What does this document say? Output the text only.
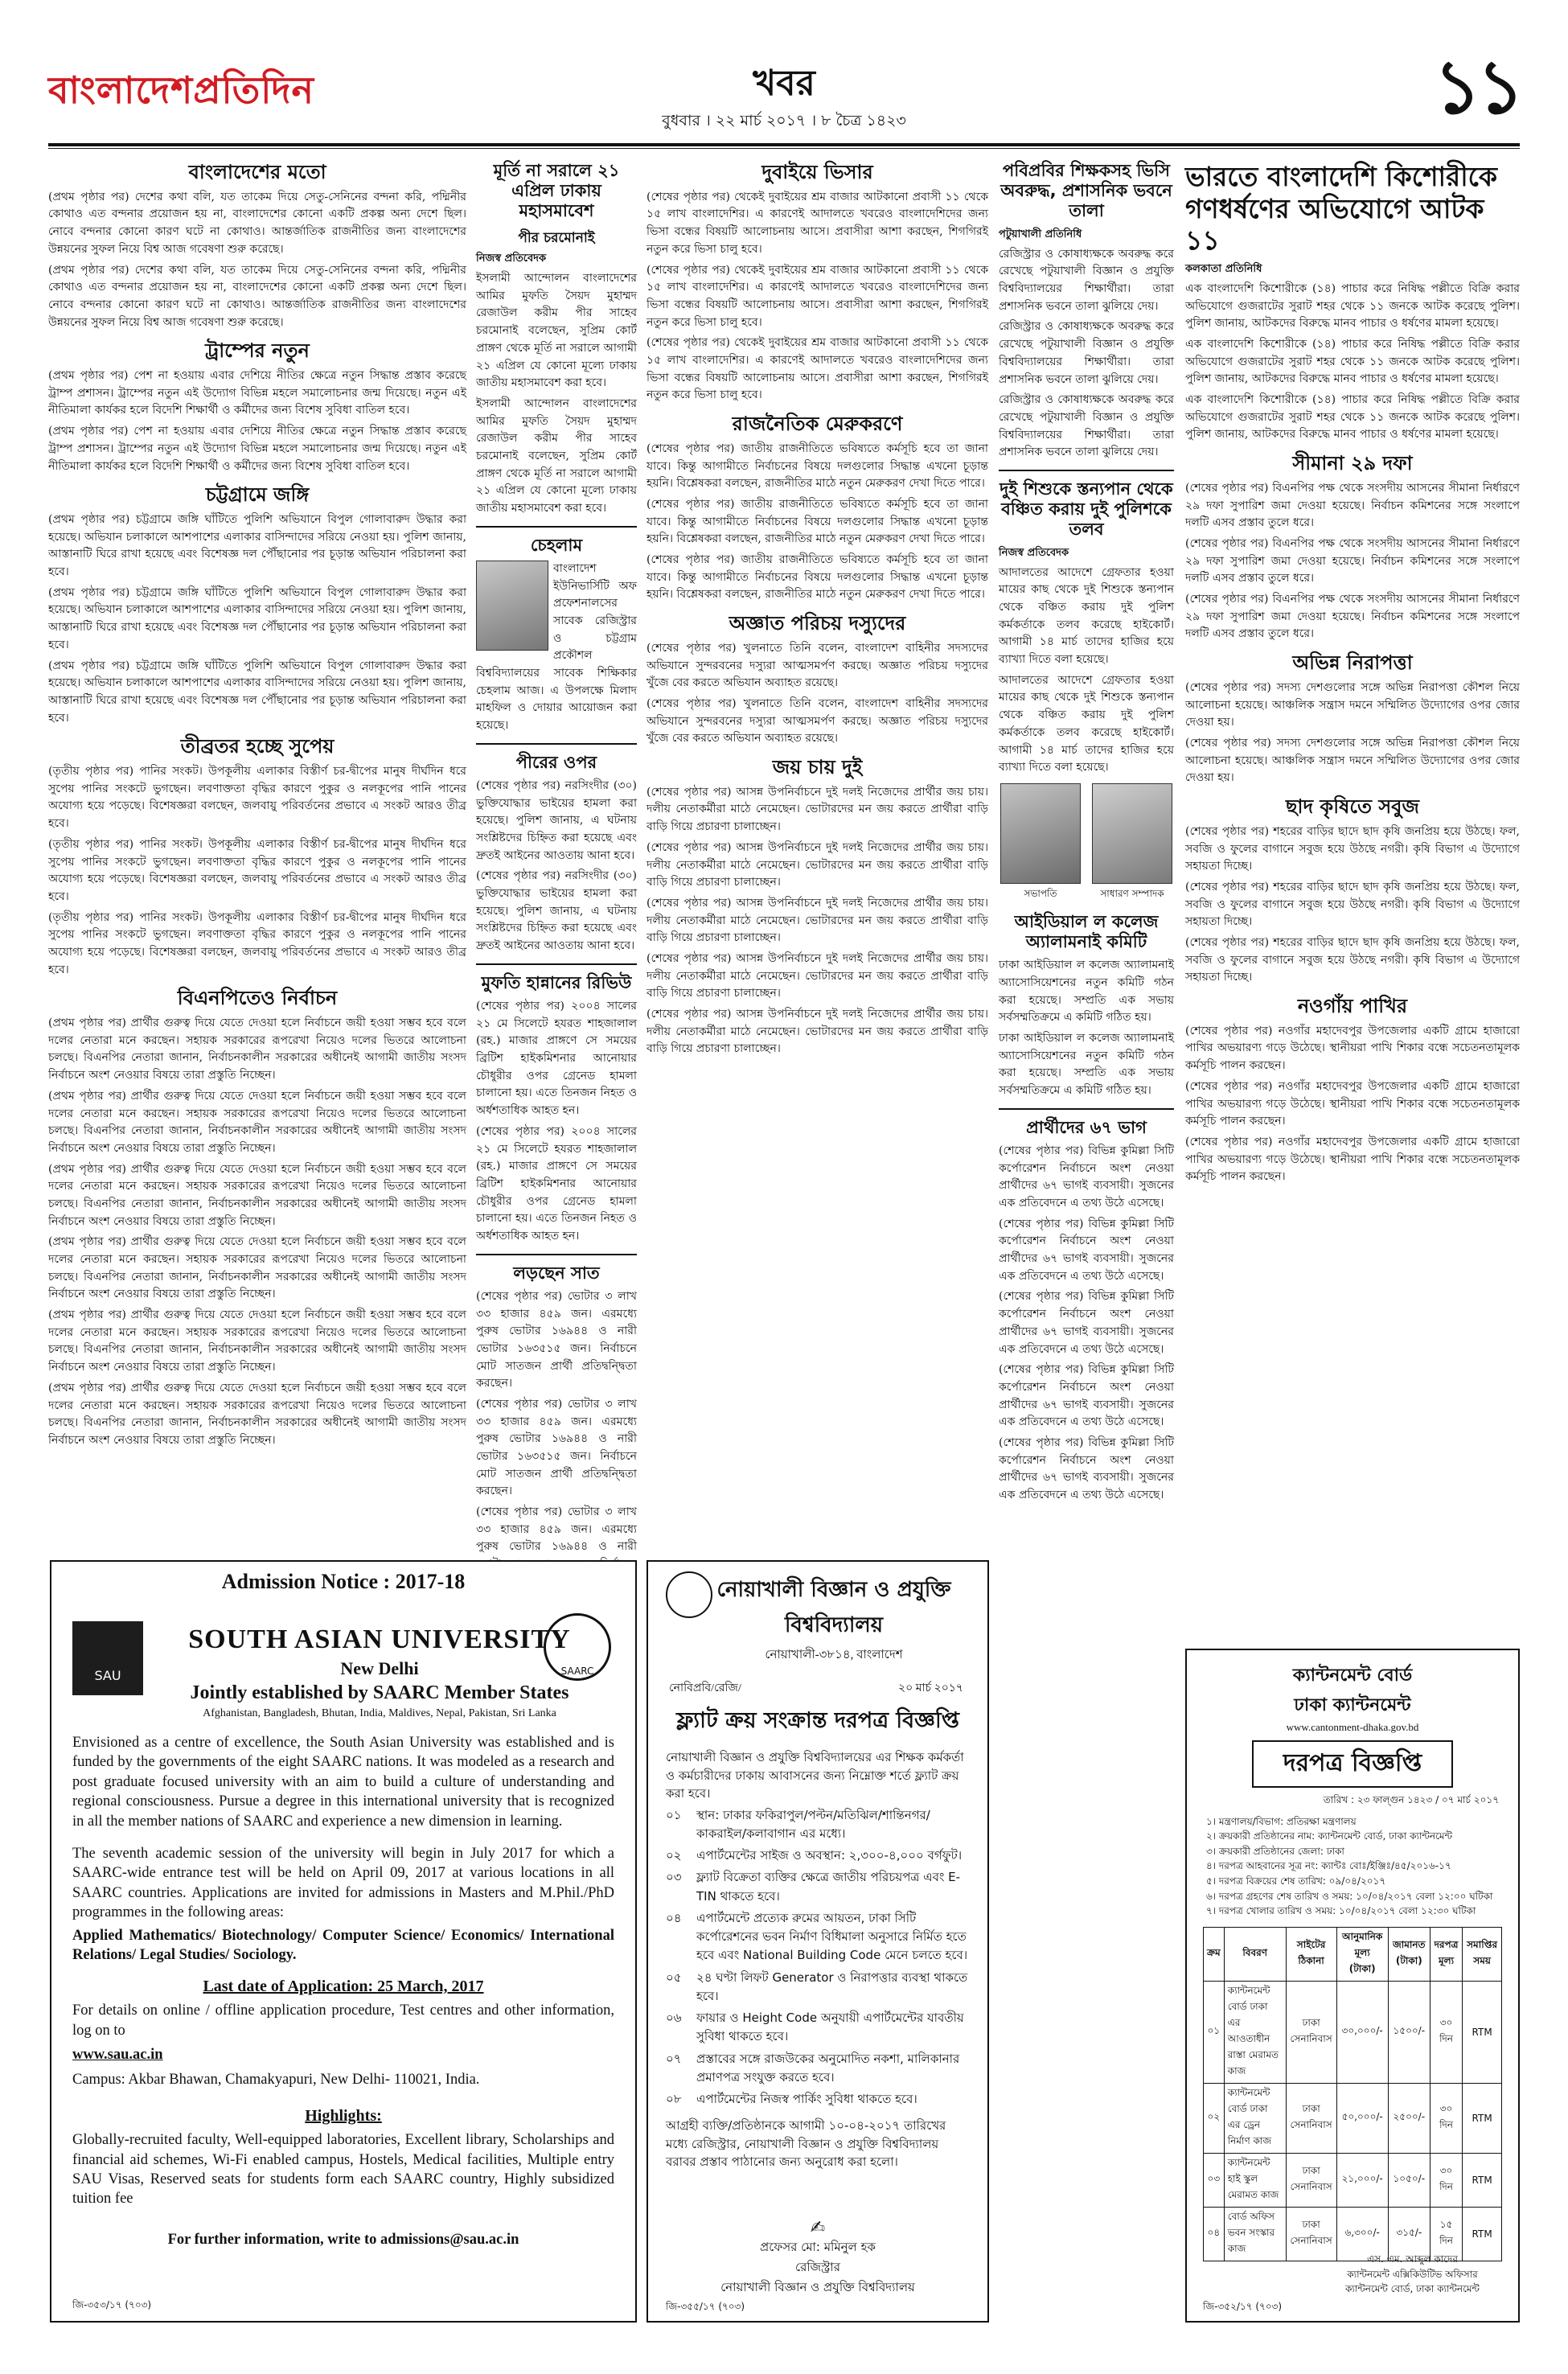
বাংলাদেশপ্রতিদিন	খবর
বুধবার । ২২ মার্চ ২০১৭ । ৮ চৈত্র ১৪২৩	১১
বাংলাদেশের মতো

(প্রথম পৃষ্ঠার পর) দেশের কথা বলি, যত তাকেম দিয়ে সেতু-সেনিনের বন্দনা করি, পদ্মিনীর কোথাও এত বন্দনার প্রয়োজন হয় না, বাংলাদেশের কোনো একটি প্রকল্প অন্য দেশে ছিল। নোবে বন্দনার কোনো কারণ ঘটে না কোথাও। আন্তর্জাতিক রাজনীতির জন্য বাংলাদেশের উন্নয়নের সুফল নিয়ে বিশ্ব আজ গবেষণা শুরু করেছে।

(প্রথম পৃষ্ঠার পর) দেশের কথা বলি, যত তাকেম দিয়ে সেতু-সেনিনের বন্দনা করি, পদ্মিনীর কোথাও এত বন্দনার প্রয়োজন হয় না, বাংলাদেশের কোনো একটি প্রকল্প অন্য দেশে ছিল। নোবে বন্দনার কোনো কারণ ঘটে না কোথাও। আন্তর্জাতিক রাজনীতির জন্য বাংলাদেশের উন্নয়নের সুফল নিয়ে বিশ্ব আজ গবেষণা শুরু করেছে।

ট্রাম্পের নতুন

(প্রথম পৃষ্ঠার পর) পেশ না হওয়ায় এবার দেশিয়ে নীতির ক্ষেত্রে নতুন সিদ্ধান্ত প্রস্তাব করেছে ট্রাম্প প্রশাসন। ট্রাম্পের নতুন এই উদ্যোগ বিভিন্ন মহলে সমালোচনার জন্ম দিয়েছে। নতুন এই নীতিমালা কার্যকর হলে বিদেশি শিক্ষার্থী ও কর্মীদের জন্য বিশেষ সুবিধা বাতিল হবে।

(প্রথম পৃষ্ঠার পর) পেশ না হওয়ায় এবার দেশিয়ে নীতির ক্ষেত্রে নতুন সিদ্ধান্ত প্রস্তাব করেছে ট্রাম্প প্রশাসন। ট্রাম্পের নতুন এই উদ্যোগ বিভিন্ন মহলে সমালোচনার জন্ম দিয়েছে। নতুন এই নীতিমালা কার্যকর হলে বিদেশি শিক্ষার্থী ও কর্মীদের জন্য বিশেষ সুবিধা বাতিল হবে।

চট্টগ্রামে জঙ্গি

(প্রথম পৃষ্ঠার পর) চট্টগ্রামে জঙ্গি ঘাঁটিতে পুলিশি অভিযানে বিপুল গোলাবারুদ উদ্ধার করা হয়েছে। অভিযান চলাকালে আশপাশের এলাকার বাসিন্দাদের সরিয়ে নেওয়া হয়। পুলিশ জানায়, আস্তানাটি ঘিরে রাখা হয়েছে এবং বিশেষজ্ঞ দল পৌঁছানোর পর চূড়ান্ত অভিযান পরিচালনা করা হবে।

(প্রথম পৃষ্ঠার পর) চট্টগ্রামে জঙ্গি ঘাঁটিতে পুলিশি অভিযানে বিপুল গোলাবারুদ উদ্ধার করা হয়েছে। অভিযান চলাকালে আশপাশের এলাকার বাসিন্দাদের সরিয়ে নেওয়া হয়। পুলিশ জানায়, আস্তানাটি ঘিরে রাখা হয়েছে এবং বিশেষজ্ঞ দল পৌঁছানোর পর চূড়ান্ত অভিযান পরিচালনা করা হবে।

(প্রথম পৃষ্ঠার পর) চট্টগ্রামে জঙ্গি ঘাঁটিতে পুলিশি অভিযানে বিপুল গোলাবারুদ উদ্ধার করা হয়েছে। অভিযান চলাকালে আশপাশের এলাকার বাসিন্দাদের সরিয়ে নেওয়া হয়। পুলিশ জানায়, আস্তানাটি ঘিরে রাখা হয়েছে এবং বিশেষজ্ঞ দল পৌঁছানোর পর চূড়ান্ত অভিযান পরিচালনা করা হবে।

তীব্রতর হচ্ছে সুপেয়

(তৃতীয় পৃষ্ঠার পর) পানির সংকট। উপকূলীয় এলাকার বিস্তীর্ণ চর-দ্বীপের মানুষ দীর্ঘদিন ধরে সুপেয় পানির সংকটে ভুগছেন। লবণাক্ততা বৃদ্ধির কারণে পুকুর ও নলকূপের পানি পানের অযোগ্য হয়ে পড়েছে। বিশেষজ্ঞরা বলছেন, জলবায়ু পরিবর্তনের প্রভাবে এ সংকট আরও তীব্র হবে।

(তৃতীয় পৃষ্ঠার পর) পানির সংকট। উপকূলীয় এলাকার বিস্তীর্ণ চর-দ্বীপের মানুষ দীর্ঘদিন ধরে সুপেয় পানির সংকটে ভুগছেন। লবণাক্ততা বৃদ্ধির কারণে পুকুর ও নলকূপের পানি পানের অযোগ্য হয়ে পড়েছে। বিশেষজ্ঞরা বলছেন, জলবায়ু পরিবর্তনের প্রভাবে এ সংকট আরও তীব্র হবে।

(তৃতীয় পৃষ্ঠার পর) পানির সংকট। উপকূলীয় এলাকার বিস্তীর্ণ চর-দ্বীপের মানুষ দীর্ঘদিন ধরে সুপেয় পানির সংকটে ভুগছেন। লবণাক্ততা বৃদ্ধির কারণে পুকুর ও নলকূপের পানি পানের অযোগ্য হয়ে পড়েছে। বিশেষজ্ঞরা বলছেন, জলবায়ু পরিবর্তনের প্রভাবে এ সংকট আরও তীব্র হবে।

বিএনপিতেও নির্বাচন

(প্রথম পৃষ্ঠার পর) প্রার্থীর গুরুত্ব দিয়ে যেতে দেওয়া হলে নির্বাচনে জয়ী হওয়া সম্ভব হবে বলে দলের নেতারা মনে করছেন। সহায়ক সরকারের রূপরেখা নিয়েও দলের ভিতরে আলোচনা চলছে। বিএনপির নেতারা জানান, নির্বাচনকালীন সরকারের অধীনেই আগামী জাতীয় সংসদ নির্বাচনে অংশ নেওয়ার বিষয়ে তারা প্রস্তুতি নিচ্ছেন।

(প্রথম পৃষ্ঠার পর) প্রার্থীর গুরুত্ব দিয়ে যেতে দেওয়া হলে নির্বাচনে জয়ী হওয়া সম্ভব হবে বলে দলের নেতারা মনে করছেন। সহায়ক সরকারের রূপরেখা নিয়েও দলের ভিতরে আলোচনা চলছে। বিএনপির নেতারা জানান, নির্বাচনকালীন সরকারের অধীনেই আগামী জাতীয় সংসদ নির্বাচনে অংশ নেওয়ার বিষয়ে তারা প্রস্তুতি নিচ্ছেন।

(প্রথম পৃষ্ঠার পর) প্রার্থীর গুরুত্ব দিয়ে যেতে দেওয়া হলে নির্বাচনে জয়ী হওয়া সম্ভব হবে বলে দলের নেতারা মনে করছেন। সহায়ক সরকারের রূপরেখা নিয়েও দলের ভিতরে আলোচনা চলছে। বিএনপির নেতারা জানান, নির্বাচনকালীন সরকারের অধীনেই আগামী জাতীয় সংসদ নির্বাচনে অংশ নেওয়ার বিষয়ে তারা প্রস্তুতি নিচ্ছেন।

(প্রথম পৃষ্ঠার পর) প্রার্থীর গুরুত্ব দিয়ে যেতে দেওয়া হলে নির্বাচনে জয়ী হওয়া সম্ভব হবে বলে দলের নেতারা মনে করছেন। সহায়ক সরকারের রূপরেখা নিয়েও দলের ভিতরে আলোচনা চলছে। বিএনপির নেতারা জানান, নির্বাচনকালীন সরকারের অধীনেই আগামী জাতীয় সংসদ নির্বাচনে অংশ নেওয়ার বিষয়ে তারা প্রস্তুতি নিচ্ছেন।

(প্রথম পৃষ্ঠার পর) প্রার্থীর গুরুত্ব দিয়ে যেতে দেওয়া হলে নির্বাচনে জয়ী হওয়া সম্ভব হবে বলে দলের নেতারা মনে করছেন। সহায়ক সরকারের রূপরেখা নিয়েও দলের ভিতরে আলোচনা চলছে। বিএনপির নেতারা জানান, নির্বাচনকালীন সরকারের অধীনেই আগামী জাতীয় সংসদ নির্বাচনে অংশ নেওয়ার বিষয়ে তারা প্রস্তুতি নিচ্ছেন।

(প্রথম পৃষ্ঠার পর) প্রার্থীর গুরুত্ব দিয়ে যেতে দেওয়া হলে নির্বাচনে জয়ী হওয়া সম্ভব হবে বলে দলের নেতারা মনে করছেন। সহায়ক সরকারের রূপরেখা নিয়েও দলের ভিতরে আলোচনা চলছে। বিএনপির নেতারা জানান, নির্বাচনকালীন সরকারের অধীনেই আগামী জাতীয় সংসদ নির্বাচনে অংশ নেওয়ার বিষয়ে তারা প্রস্তুতি নিচ্ছেন।

মূর্তি না সরালে ২১ এপ্রিল ঢাকায় মহাসমাবেশ
পীর চরমোনাই
নিজস্ব প্রতিবেদক

ইসলামী আন্দোলন বাংলাদেশের আমির মুফতি সৈয়দ মুহাম্মদ রেজাউল করীম পীর সাহেব চরমোনাই বলেছেন, সুপ্রিম কোর্ট প্রাঙ্গণ থেকে মূর্তি না সরালে আগামী ২১ এপ্রিল যে কোনো মূল্যে ঢাকায় জাতীয় মহাসমাবেশ করা হবে।

ইসলামী আন্দোলন বাংলাদেশের আমির মুফতি সৈয়দ মুহাম্মদ রেজাউল করীম পীর সাহেব চরমোনাই বলেছেন, সুপ্রিম কোর্ট প্রাঙ্গণ থেকে মূর্তি না সরালে আগামী ২১ এপ্রিল যে কোনো মূল্যে ঢাকায় জাতীয় মহাসমাবেশ করা হবে।

চেহলাম

বাংলাদেশ ইউনিভার্সিটি অফ প্রফেশনালসের সাবেক রেজিস্ট্রার ও চট্টগ্রাম প্রকৌশল বিশ্ববিদ্যালয়ের সাবেক শিক্ষিকার চেহলাম আজ। এ উপলক্ষে মিলাদ মাহফিল ও দোয়ার আয়োজন করা হয়েছে।

পীরের ওপর

(শেষের পৃষ্ঠার পর) নরসিংদীর (৩০) ভুক্তিযোদ্ধার ভাইয়ের হামলা করা হয়েছে। পুলিশ জানায়, এ ঘটনায় সংশ্লিষ্টদের চিহ্নিত করা হয়েছে এবং দ্রুতই আইনের আওতায় আনা হবে।

(শেষের পৃষ্ঠার পর) নরসিংদীর (৩০) ভুক্তিযোদ্ধার ভাইয়ের হামলা করা হয়েছে। পুলিশ জানায়, এ ঘটনায় সংশ্লিষ্টদের চিহ্নিত করা হয়েছে এবং দ্রুতই আইনের আওতায় আনা হবে।

মুফতি হান্নানের রিভিউ

(শেষের পৃষ্ঠার পর) ২০০৪ সালের ২১ মে সিলেটে হযরত শাহজালাল (রহ.) মাজার প্রাঙ্গণে সে সময়ের ব্রিটিশ হাইকমিশনার আনোয়ার চৌধুরীর ওপর গ্রেনেড হামলা চালানো হয়। এতে তিনজন নিহত ও অর্ধশতাধিক আহত হন।

(শেষের পৃষ্ঠার পর) ২০০৪ সালের ২১ মে সিলেটে হযরত শাহজালাল (রহ.) মাজার প্রাঙ্গণে সে সময়ের ব্রিটিশ হাইকমিশনার আনোয়ার চৌধুরীর ওপর গ্রেনেড হামলা চালানো হয়। এতে তিনজন নিহত ও অর্ধশতাধিক আহত হন।

লড়ছেন সাত

(শেষের পৃষ্ঠার পর) ভোটার ৩ লাখ ৩৩ হাজার ৪৫৯ জন। এরমধ্যে পুরুষ ভোটার ১৬৯৪৪ ও নারী ভোটার ১৬৩৫১৫ জন। নির্বাচনে মোট সাতজন প্রার্থী প্রতিদ্বন্দ্বিতা করছেন।

(শেষের পৃষ্ঠার পর) ভোটার ৩ লাখ ৩৩ হাজার ৪৫৯ জন। এরমধ্যে পুরুষ ভোটার ১৬৯৪৪ ও নারী ভোটার ১৬৩৫১৫ জন। নির্বাচনে মোট সাতজন প্রার্থী প্রতিদ্বন্দ্বিতা করছেন।

(শেষের পৃষ্ঠার পর) ভোটার ৩ লাখ ৩৩ হাজার ৪৫৯ জন। এরমধ্যে পুরুষ ভোটার ১৬৯৪৪ ও নারী

দুবাইয়ে ভিসার

(শেষের পৃষ্ঠার পর) থেকেই দুবাইয়ের শ্রম বাজার আটকানো প্রবাসী ১১ থেকে ১৫ লাখ বাংলাদেশির। এ কারণেই আদালতে খবরেও বাংলাদেশিদের জন্য ভিসা বন্ধের বিষয়টি আলোচনায় আসে। প্রবাসীরা আশা করছেন, শিগগিরই নতুন করে ভিসা চালু হবে।

(শেষের পৃষ্ঠার পর) থেকেই দুবাইয়ের শ্রম বাজার আটকানো প্রবাসী ১১ থেকে ১৫ লাখ বাংলাদেশির। এ কারণেই আদালতে খবরেও বাংলাদেশিদের জন্য ভিসা বন্ধের বিষয়টি আলোচনায় আসে। প্রবাসীরা আশা করছেন, শিগগিরই নতুন করে ভিসা চালু হবে।

(শেষের পৃষ্ঠার পর) থেকেই দুবাইয়ের শ্রম বাজার আটকানো প্রবাসী ১১ থেকে ১৫ লাখ বাংলাদেশির। এ কারণেই আদালতে খবরেও বাংলাদেশিদের জন্য ভিসা বন্ধের বিষয়টি আলোচনায় আসে। প্রবাসীরা আশা করছেন, শিগগিরই নতুন করে ভিসা চালু হবে।

রাজনৈতিক মেরুকরণে

(শেষের পৃষ্ঠার পর) জাতীয় রাজনীতিতে ভবিষ্যতে কর্মসূচি হবে তা জানা যাবে। কিন্তু আগামীতে নির্বাচনের বিষয়ে দলগুলোর সিদ্ধান্ত এখনো চূড়ান্ত হয়নি। বিশ্লেষকরা বলছেন, রাজনীতির মাঠে নতুন মেরুকরণ দেখা দিতে পারে।

(শেষের পৃষ্ঠার পর) জাতীয় রাজনীতিতে ভবিষ্যতে কর্মসূচি হবে তা জানা যাবে। কিন্তু আগামীতে নির্বাচনের বিষয়ে দলগুলোর সিদ্ধান্ত এখনো চূড়ান্ত হয়নি। বিশ্লেষকরা বলছেন, রাজনীতির মাঠে নতুন মেরুকরণ দেখা দিতে পারে।

(শেষের পৃষ্ঠার পর) জাতীয় রাজনীতিতে ভবিষ্যতে কর্মসূচি হবে তা জানা যাবে। কিন্তু আগামীতে নির্বাচনের বিষয়ে দলগুলোর সিদ্ধান্ত এখনো চূড়ান্ত হয়নি। বিশ্লেষকরা বলছেন, রাজনীতির মাঠে নতুন মেরুকরণ দেখা দিতে পারে।

অজ্ঞাত পরিচয় দস্যুদের

(শেষের পৃষ্ঠার পর) খুলনাতে তিনি বলেন, বাংলাদেশ বাহিনীর সদস্যদের অভিযানে সুন্দরবনের দস্যুরা আত্মসমর্পণ করছে। অজ্ঞাত পরিচয় দস্যুদের খুঁজে বের করতে অভিযান অব্যাহত রয়েছে।

(শেষের পৃষ্ঠার পর) খুলনাতে তিনি বলেন, বাংলাদেশ বাহিনীর সদস্যদের অভিযানে সুন্দরবনের দস্যুরা আত্মসমর্পণ করছে। অজ্ঞাত পরিচয় দস্যুদের খুঁজে বের করতে অভিযান অব্যাহত রয়েছে।

জয় চায় দুই

(শেষের পৃষ্ঠার পর) আসন্ন উপনির্বাচনে দুই দলই নিজেদের প্রার্থীর জয় চায়। দলীয় নেতাকর্মীরা মাঠে নেমেছেন। ভোটারদের মন জয় করতে প্রার্থীরা বাড়ি বাড়ি গিয়ে প্রচারণা চালাচ্ছেন।

(শেষের পৃষ্ঠার পর) আসন্ন উপনির্বাচনে দুই দলই নিজেদের প্রার্থীর জয় চায়। দলীয় নেতাকর্মীরা মাঠে নেমেছেন। ভোটারদের মন জয় করতে প্রার্থীরা বাড়ি বাড়ি গিয়ে প্রচারণা চালাচ্ছেন।

(শেষের পৃষ্ঠার পর) আসন্ন উপনির্বাচনে দুই দলই নিজেদের প্রার্থীর জয় চায়। দলীয় নেতাকর্মীরা মাঠে নেমেছেন। ভোটারদের মন জয় করতে প্রার্থীরা বাড়ি বাড়ি গিয়ে প্রচারণা চালাচ্ছেন।

(শেষের পৃষ্ঠার পর) আসন্ন উপনির্বাচনে দুই দলই নিজেদের প্রার্থীর জয় চায়। দলীয় নেতাকর্মীরা মাঠে নেমেছেন। ভোটারদের মন জয় করতে প্রার্থীরা বাড়ি বাড়ি গিয়ে প্রচারণা চালাচ্ছেন।

(শেষের পৃষ্ঠার পর) আসন্ন উপনির্বাচনে দুই দলই নিজেদের প্রার্থীর জয় চায়। দলীয় নেতাকর্মীরা মাঠে নেমেছেন। ভোটারদের মন জয় করতে প্রার্থীরা বাড়ি বাড়ি গিয়ে প্রচারণা চালাচ্ছেন।

পবিপ্রবির শিক্ষকসহ ভিসি অবরুদ্ধ, প্রশাসনিক ভবনে তালা
পটুয়াখালী প্রতিনিধি

রেজিস্ট্রার ও কোষাধ্যক্ষকে অবরুদ্ধ করে রেখেছে পটুয়াখালী বিজ্ঞান ও প্রযুক্তি বিশ্ববিদ্যালয়ের শিক্ষার্থীরা। তারা প্রশাসনিক ভবনে তালা ঝুলিয়ে দেয়।

রেজিস্ট্রার ও কোষাধ্যক্ষকে অবরুদ্ধ করে রেখেছে পটুয়াখালী বিজ্ঞান ও প্রযুক্তি বিশ্ববিদ্যালয়ের শিক্ষার্থীরা। তারা প্রশাসনিক ভবনে তালা ঝুলিয়ে দেয়।

রেজিস্ট্রার ও কোষাধ্যক্ষকে অবরুদ্ধ করে রেখেছে পটুয়াখালী বিজ্ঞান ও প্রযুক্তি বিশ্ববিদ্যালয়ের শিক্ষার্থীরা। তারা প্রশাসনিক ভবনে তালা ঝুলিয়ে দেয়।

দুই শিশুকে স্তন্যপান থেকে বঞ্চিত করায় দুই পুলিশকে তলব
নিজস্ব প্রতিবেদক

আদালতের আদেশে গ্রেফতার হওয়া মায়ের কাছ থেকে দুই শিশুকে স্তন্যপান থেকে বঞ্চিত করায় দুই পুলিশ কর্মকর্তাকে তলব করেছে হাইকোর্ট। আগামী ১৪ মার্চ তাদের হাজির হয়ে ব্যাখ্যা দিতে বলা হয়েছে।

আদালতের আদেশে গ্রেফতার হওয়া মায়ের কাছ থেকে দুই শিশুকে স্তন্যপান থেকে বঞ্চিত করায় দুই পুলিশ কর্মকর্তাকে তলব করেছে হাইকোর্ট। আগামী ১৪ মার্চ তাদের হাজির হয়ে ব্যাখ্যা দিতে বলা হয়েছে।

সভাপতি	সাধারণ সম্পাদক
আইডিয়াল ল কলেজ অ্যালামনাই কমিটি

ঢাকা আইডিয়াল ল কলেজ অ্যালামনাই অ্যাসোসিয়েশনের নতুন কমিটি গঠন করা হয়েছে। সম্প্রতি এক সভায় সর্বসম্মতিক্রমে এ কমিটি গঠিত হয়।

ঢাকা আইডিয়াল ল কলেজ অ্যালামনাই অ্যাসোসিয়েশনের নতুন কমিটি গঠন করা হয়েছে। সম্প্রতি এক সভায় সর্বসম্মতিক্রমে এ কমিটি গঠিত হয়।

প্রার্থীদের ৬৭ ভাগ

(শেষের পৃষ্ঠার পর) বিভিন্ন কুমিল্লা সিটি কর্পোরেশন নির্বাচনে অংশ নেওয়া প্রার্থীদের ৬৭ ভাগই ব্যবসায়ী। সুজনের এক প্রতিবেদনে এ তথ্য উঠে এসেছে।

(শেষের পৃষ্ঠার পর) বিভিন্ন কুমিল্লা সিটি কর্পোরেশন নির্বাচনে অংশ নেওয়া প্রার্থীদের ৬৭ ভাগই ব্যবসায়ী। সুজনের এক প্রতিবেদনে এ তথ্য উঠে এসেছে।

(শেষের পৃষ্ঠার পর) বিভিন্ন কুমিল্লা সিটি কর্পোরেশন নির্বাচনে অংশ নেওয়া প্রার্থীদের ৬৭ ভাগই ব্যবসায়ী। সুজনের এক প্রতিবেদনে এ তথ্য উঠে এসেছে।

(শেষের পৃষ্ঠার পর) বিভিন্ন কুমিল্লা সিটি কর্পোরেশন নির্বাচনে অংশ নেওয়া প্রার্থীদের ৬৭ ভাগই ব্যবসায়ী। সুজনের এক প্রতিবেদনে এ তথ্য উঠে এসেছে।

(শেষের পৃষ্ঠার পর) বিভিন্ন কুমিল্লা সিটি কর্পোরেশন নির্বাচনে অংশ নেওয়া প্রার্থীদের ৬৭ ভাগই ব্যবসায়ী। সুজনের এক প্রতিবেদনে এ তথ্য উঠে এসেছে।

ভারতে বাংলাদেশি কিশোরীকে গণধর্ষণের অভিযোগে আটক ১১
কলকাতা প্রতিনিধি

এক বাংলাদেশি কিশোরীকে (১৪) পাচার করে নিষিদ্ধ পল্লীতে বিক্রি করার অভিযোগে গুজরাটের সুরাট শহর থেকে ১১ জনকে আটক করেছে পুলিশ। পুলিশ জানায়, আটকদের বিরুদ্ধে মানব পাচার ও ধর্ষণের মামলা হয়েছে।

এক বাংলাদেশি কিশোরীকে (১৪) পাচার করে নিষিদ্ধ পল্লীতে বিক্রি করার অভিযোগে গুজরাটের সুরাট শহর থেকে ১১ জনকে আটক করেছে পুলিশ। পুলিশ জানায়, আটকদের বিরুদ্ধে মানব পাচার ও ধর্ষণের মামলা হয়েছে।

এক বাংলাদেশি কিশোরীকে (১৪) পাচার করে নিষিদ্ধ পল্লীতে বিক্রি করার অভিযোগে গুজরাটের সুরাট শহর থেকে ১১ জনকে আটক করেছে পুলিশ। পুলিশ জানায়, আটকদের বিরুদ্ধে মানব পাচার ও ধর্ষণের মামলা হয়েছে।

সীমানা ২৯ দফা

(শেষের পৃষ্ঠার পর) বিএনপির পক্ষ থেকে সংসদীয় আসনের সীমানা নির্ধারণে ২৯ দফা সুপারিশ জমা দেওয়া হয়েছে। নির্বাচন কমিশনের সঙ্গে সংলাপে দলটি এসব প্রস্তাব তুলে ধরে।

(শেষের পৃষ্ঠার পর) বিএনপির পক্ষ থেকে সংসদীয় আসনের সীমানা নির্ধারণে ২৯ দফা সুপারিশ জমা দেওয়া হয়েছে। নির্বাচন কমিশনের সঙ্গে সংলাপে দলটি এসব প্রস্তাব তুলে ধরে।

(শেষের পৃষ্ঠার পর) বিএনপির পক্ষ থেকে সংসদীয় আসনের সীমানা নির্ধারণে ২৯ দফা সুপারিশ জমা দেওয়া হয়েছে। নির্বাচন কমিশনের সঙ্গে সংলাপে দলটি এসব প্রস্তাব তুলে ধরে।

অভিন্ন নিরাপত্তা

(শেষের পৃষ্ঠার পর) সদস্য দেশগুলোর সঙ্গে অভিন্ন নিরাপত্তা কৌশল নিয়ে আলোচনা হয়েছে। আঞ্চলিক সন্ত্রাস দমনে সম্মিলিত উদ্যোগের ওপর জোর দেওয়া হয়।

(শেষের পৃষ্ঠার পর) সদস্য দেশগুলোর সঙ্গে অভিন্ন নিরাপত্তা কৌশল নিয়ে আলোচনা হয়েছে। আঞ্চলিক সন্ত্রাস দমনে সম্মিলিত উদ্যোগের ওপর জোর দেওয়া হয়।

ছাদ কৃষিতে সবুজ

(শেষের পৃষ্ঠার পর) শহরের বাড়ির ছাদে ছাদ কৃষি জনপ্রিয় হয়ে উঠছে। ফল, সবজি ও ফুলের বাগানে সবুজ হয়ে উঠছে নগরী। কৃষি বিভাগ এ উদ্যোগে সহায়তা দিচ্ছে।

(শেষের পৃষ্ঠার পর) শহরের বাড়ির ছাদে ছাদ কৃষি জনপ্রিয় হয়ে উঠছে। ফল, সবজি ও ফুলের বাগানে সবুজ হয়ে উঠছে নগরী। কৃষি বিভাগ এ উদ্যোগে সহায়তা দিচ্ছে।

(শেষের পৃষ্ঠার পর) শহরের বাড়ির ছাদে ছাদ কৃষি জনপ্রিয় হয়ে উঠছে। ফল, সবজি ও ফুলের বাগানে সবুজ হয়ে উঠছে নগরী। কৃষি বিভাগ এ উদ্যোগে সহায়তা দিচ্ছে।

নওগাঁয় পাখির

(শেষের পৃষ্ঠার পর) নওগাঁর মহাদেবপুর উপজেলার একটি গ্রামে হাজারো পাখির অভয়ারণ্য গড়ে উঠেছে। স্থানীয়রা পাখি শিকার বন্ধে সচেতনতামূলক কর্মসূচি পালন করছেন।

(শেষের পৃষ্ঠার পর) নওগাঁর মহাদেবপুর উপজেলার একটি গ্রামে হাজারো পাখির অভয়ারণ্য গড়ে উঠেছে। স্থানীয়রা পাখি শিকার বন্ধে সচেতনতামূলক কর্মসূচি পালন করছেন।

(শেষের পৃষ্ঠার পর) নওগাঁর মহাদেবপুর উপজেলার একটি গ্রামে হাজারো পাখির অভয়ারণ্য গড়ে উঠেছে। স্থানীয়রা পাখি শিকার বন্ধে সচেতনতামূলক কর্মসূচি পালন করছেন।

Admission Notice : 2017-18
SAU	SAARC
SOUTH ASIAN UNIVERSITY
New Delhi
Jointly established by SAARC Member States
Afghanistan, Bangladesh, Bhutan, India, Maldives, Nepal, Pakistan, Sri Lanka
Envisioned as a centre of excellence, the South Asian University was established and is funded by the governments of the eight SAARC nations. It was modeled as a research and post graduate focused university with an aim to build a culture of understanding and regional consciousness. Pursue a degree in this international university that is recognized in all the member nations of SAARC and experience a new dimension in learning.
The seventh academic session of the university will begin in July 2017 for which a SAARC-wide entrance test will be held on April 09, 2017 at various locations in all SAARC countries. Applications are invited for admissions in Masters and M.Phil./PhD programmes in the following areas:
Applied Mathematics/ Biotechnology/ Computer Science/ Economics/ International Relations/ Legal Studies/ Sociology.
Last date of Application: 25 March, 2017
For details on online / offline application procedure, Test centres and other information, log on to
www.sau.ac.in
Campus: Akbar Bhawan, Chamakyapuri, New Delhi- 110021, India.
Highlights:
Globally-recruited faculty, Well-equipped laboratories, Excellent library, Scholarships and financial aid schemes, Wi-Fi enabled campus, Hostels, Medical facilities, Multiple entry SAU Visas, Reserved seats for students form each SAARC country, Highly subsidized tuition fee
For further information, write to admissions@sau.ac.in
জি-৩৫৩/১৭ (৭০৩)
নোয়াখালী বিজ্ঞান ও প্রযুক্তি বিশ্ববিদ্যালয়
নোয়াখালী-৩৮১৪, বাংলাদেশ
নোবিপ্রবি/রেজি/	২০ মার্চ ২০১৭
ফ্ল্যাট ক্রয় সংক্রান্ত দরপত্র বিজ্ঞপ্তি
নোয়াখালী বিজ্ঞান ও প্রযুক্তি বিশ্ববিদ্যালয়ের এর শিক্ষক কর্মকর্তা ও কর্মচারীদের ঢাকায় আবাসনের জন্য নিম্নোক্ত শর্তে ফ্ল্যাট ক্রয় করা হবে।
০১	স্থান: ঢাকার ফকিরাপুল/পল্টন/মতিঝিল/শান্তিনগর/কাকরাইল/কলাবাগান এর মধ্যে।
০২	এপার্টমেন্টের সাইজ ও অবস্থান: ২,৩০০-৪,০০০ বর্গফুট।
০৩	ফ্ল্যাট বিক্রেতা ব্যক্তির ক্ষেত্রে জাতীয় পরিচয়পত্র এবং E-TIN থাকতে হবে।
০৪	এপার্টমেন্টে প্রত্যেক রুমের আয়তন, ঢাকা সিটি কর্পোরেশনের ভবন নির্মাণ বিধিমালা অনুসারে নির্মিত হতে হবে এবং National Building Code মেনে চলতে হবে।
০৫	২৪ ঘণ্টা লিফট Generator ও নিরাপত্তার ব্যবস্থা থাকতে হবে।
০৬	ফায়ার ও Height Code অনুযায়ী এপার্টমেন্টের যাবতীয় সুবিধা থাকতে হবে।
০৭	প্রস্তাবের সঙ্গে রাজউকের অনুমোদিত নকশা, মালিকানার প্রমাণপত্র সংযুক্ত করতে হবে।
০৮	এপার্টমেন্টের নিজস্ব পার্কিং সুবিধা থাকতে হবে।
আগ্রহী ব্যক্তি/প্রতিষ্ঠানকে আগামী ১০-০৪-২০১৭ তারিখের মধ্যে রেজিস্ট্রার, নোয়াখালী বিজ্ঞান ও প্রযুক্তি বিশ্ববিদ্যালয় বরাবর প্রস্তাব পাঠানোর জন্য অনুরোধ করা হলো।
✍
প্রফেসর মো: মমিনুল হক
রেজিস্ট্রার
নোয়াখালী বিজ্ঞান ও প্রযুক্তি বিশ্ববিদ্যালয়
জি-৩৫৫/১৭ (৭০৩)
ক্যান্টনমেন্ট বোর্ড
ঢাকা ক্যান্টনমেন্ট
www.cantonment-dhaka.gov.bd
দরপত্র বিজ্ঞপ্তি
তারিখ : ২৩ ফাল্গুন ১৪২৩ / ০৭ মার্চ ২০১৭
১। মন্ত্রণালয়/বিভাগ: প্রতিরক্ষা মন্ত্রণালয়
২। ক্রয়কারী প্রতিষ্ঠানের নাম: ক্যান্টনমেন্ট বোর্ড, ঢাকা ক্যান্টনমেন্ট
৩। ক্রয়কারী প্রতিষ্ঠানের জেলা: ঢাকা
৪। দরপত্র আহবানের সূত্র নং: ক্যান্টঃ বোঃ/ইঞ্জিঃ/৪৫/২০১৬-১৭
৫। দরপত্র বিক্রয়ের শেষ তারিখ: ০৯/০৪/২০১৭
৬। দরপত্র গ্রহণের শেষ তারিখ ও সময়: ১০/০৪/২০১৭ বেলা ১২:০০ ঘটিকা
৭। দরপত্র খোলার তারিখ ও সময়: ১০/০৪/২০১৭ বেলা ১২:৩০ ঘটিকা
ক্রম	বিবরণ	সাইটের ঠিকানা	আনুমানিক মূল্য (টাকা)	জামানত (টাকা)	দরপত্র মূল্য	সমাপ্তির সময়
০১	ক্যান্টনমেন্ট বোর্ড ঢাকা এর আওতাধীন রাস্তা মেরামত কাজ	ঢাকা সেনানিবাস	৩০,০০০/-	১৫০০/-	৩০ দিন	RTM
০২	ক্যান্টনমেন্ট বোর্ড ঢাকা এর ড্রেন নির্মাণ কাজ	ঢাকা সেনানিবাস	৫০,০০০/-	২৫০০/-	৩০ দিন	RTM
০৩	ক্যান্টনমেন্ট হাই স্কুল মেরামত কাজ	ঢাকা সেনানিবাস	২১,০০০/-	১০৫০/-	৩০ দিন	RTM
০৪	বোর্ড অফিস ভবন সংস্কার কাজ	ঢাকা সেনানিবাস	৬,৩০০/-	৩১৫/-	১৫ দিন	RTM
এস. এম. আব্দুল কাদের
ক্যান্টনমেন্ট এক্সিকিউটিভ অফিসার
ক্যান্টনমেন্ট বোর্ড, ঢাকা ক্যান্টনমেন্ট
জি-৩৫২/১৭ (৭০৩)
